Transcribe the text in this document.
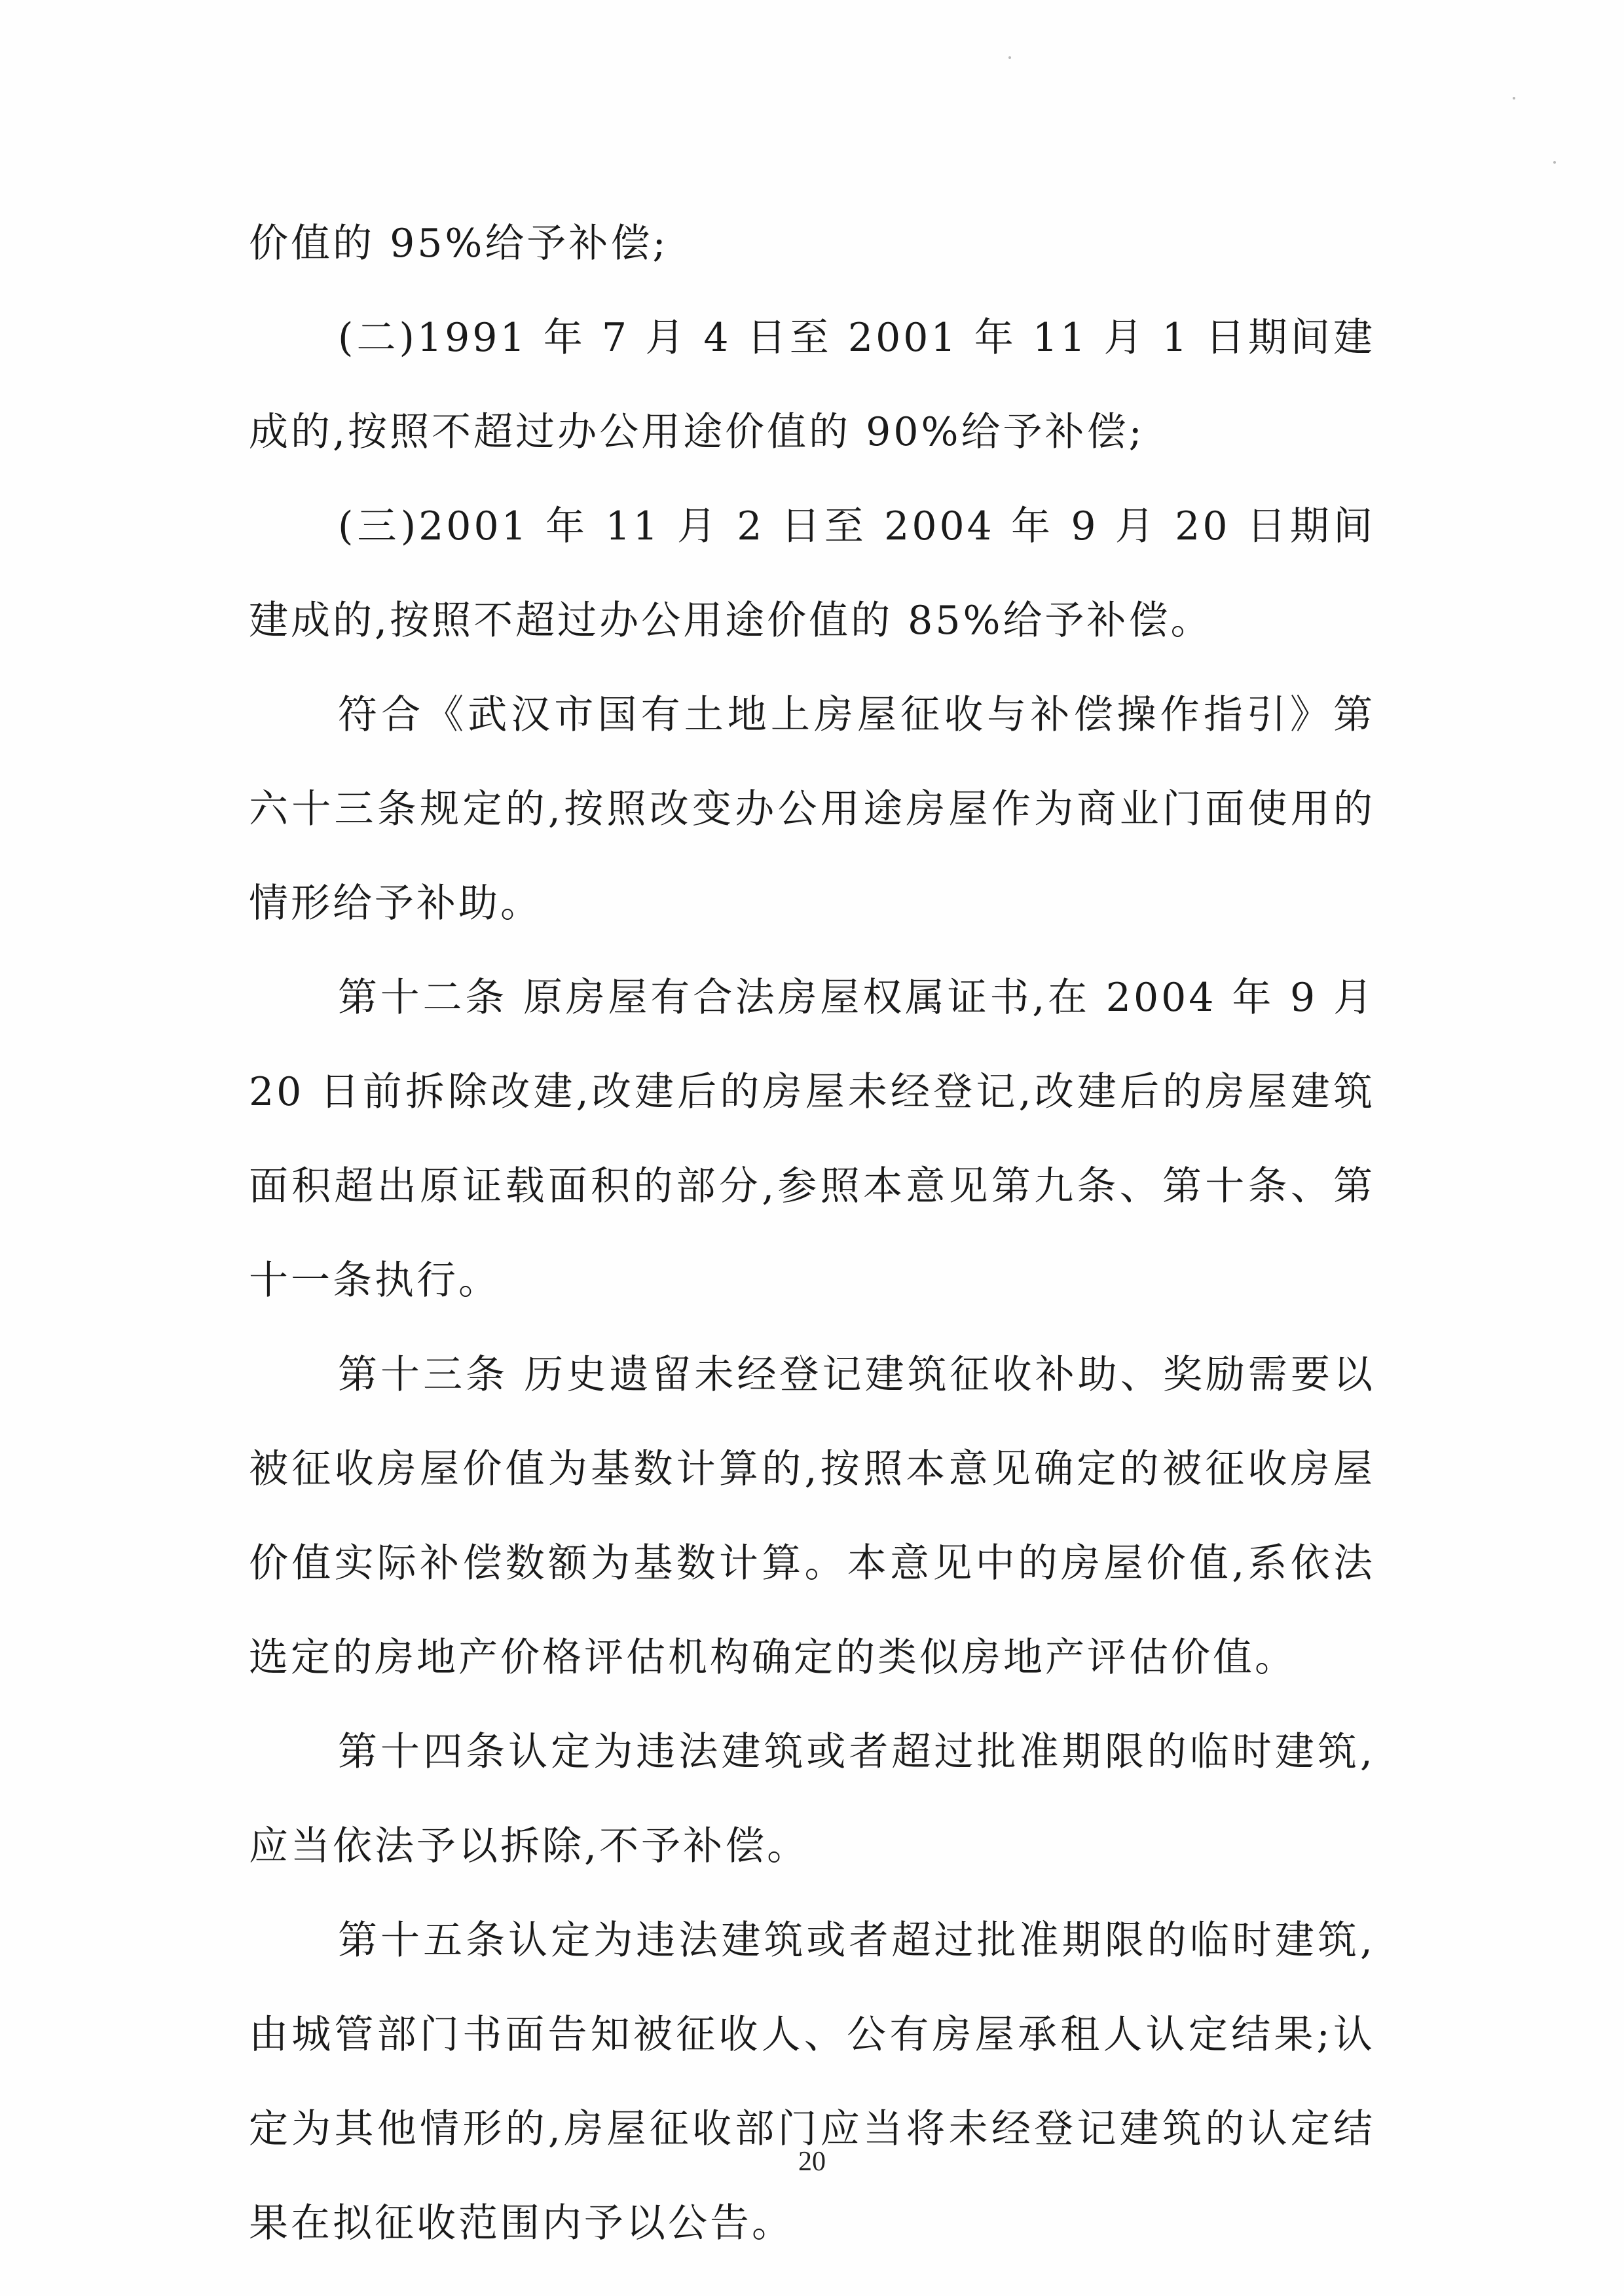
价值的 95%给予补偿;

(二)1991 年 7 月 4 日至 2001 年 11 月 1 日期间建成的,按照不超过办公用途价值的 90%给予补偿;

(三)2001 年 11 月 2 日至 2004 年 9 月 20 日期间建成的,按照不超过办公用途价值的 85%给予补偿。

符合《武汉市国有土地上房屋征收与补偿操作指引》第六十三条规定的,按照改变办公用途房屋作为商业门面使用的情形给予补助。

第十二条 原房屋有合法房屋权属证书,在 2004 年 9 月 20 日前拆除改建,改建后的房屋未经登记,改建后的房屋建筑面积超出原证载面积的部分,参照本意见第九条、第十条、第十一条执行。

第十三条 历史遗留未经登记建筑征收补助、奖励需要以被征收房屋价值为基数计算的,按照本意见确定的被征收房屋价值实际补偿数额为基数计算。本意见中的房屋价值,系依法选定的房地产价格评估机构确定的类似房地产评估价值。

第十四条认定为违法建筑或者超过批准期限的临时建筑,应当依法予以拆除,不予补偿。

第十五条认定为违法建筑或者超过批准期限的临时建筑,由城管部门书面告知被征收人、公有房屋承租人认定结果;认定为其他情形的,房屋征收部门应当将未经登记建筑的认定结果在拟征收范围内予以公告。

20
